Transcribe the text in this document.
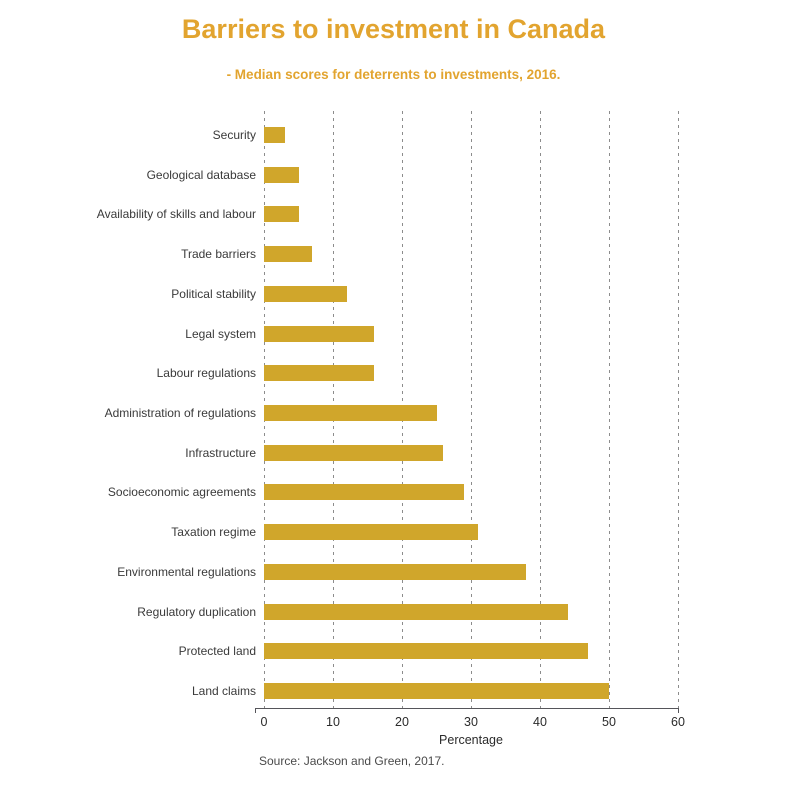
Barriers to investment in Canada
- Median scores for deterrents to investments, 2016.
Security
Geological database
Availability of skills and labour
Trade barriers
Political stability
Legal system
Labour regulations
Administration of regulations
Infrastructure
Socioeconomic agreements
Taxation regime
Environmental regulations
Regulatory duplication
Protected land
Land claims
0	10	20	30	40	50	60
Percentage
Source: Jackson and Green, 2017.
